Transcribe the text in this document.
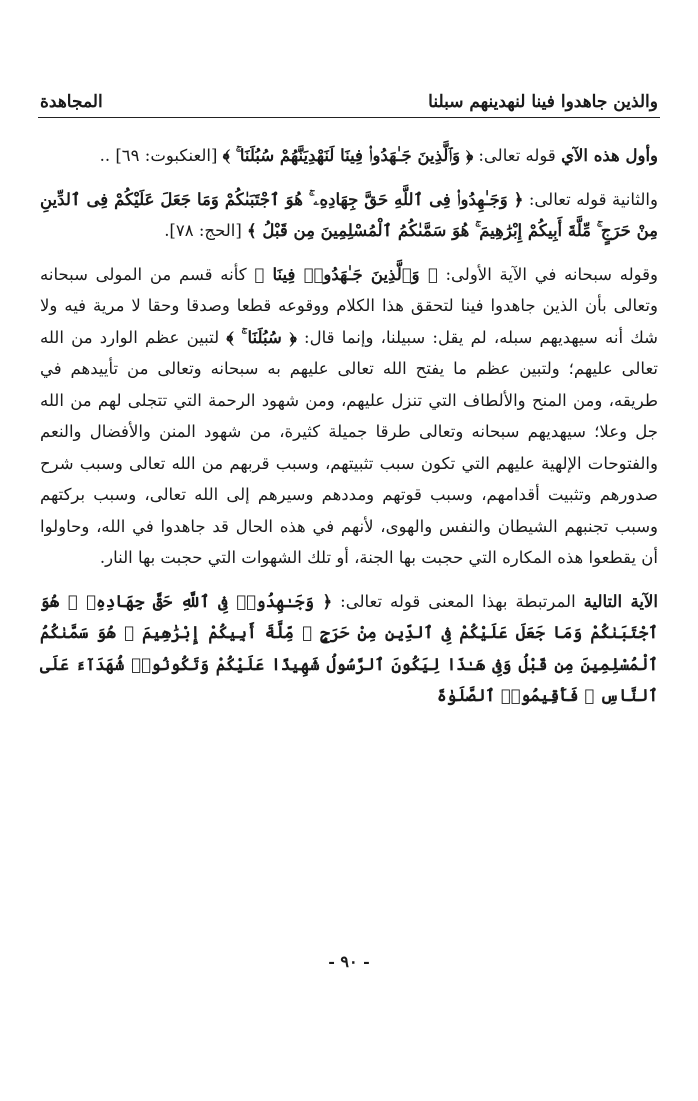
والذين جاهدوا فينا لنهدينهم سبلنا
المجاهدة

وأول هذه الآي قوله تعالى: ﴿ وَٱلَّذِينَ جَـٰهَدُوا۟ فِينَا لَنَهْدِيَنَّهُمْ سُبُلَنَا ۚ ﴾ [العنكبوت: ٦٩] ..

والثانية قوله تعالى: ﴿ وَجَـٰهِدُوا۟ فِى ٱللَّهِ حَقَّ جِهَادِهِۦ ۚ هُوَ ٱجْتَبَىٰكُمْ وَمَا جَعَلَ عَلَيْكُمْ فِى ٱلدِّينِ مِنْ حَرَجٍ ۚ مِّلَّةَ أَبِيكُمْ إِبْرَٰهِيمَ ۚ هُوَ سَمَّىٰكُمُ ٱلْمُسْلِمِينَ مِن قَبْلُ ﴾ [الحج: ٧٨].

وقوله سبحانه في الآية الأولى: ﴿ وَٱلَّذِينَ جَـٰهَدُوا۟ فِينَا ﴾ كأنه قسم من المولى سبحانه وتعالى بأن الذين جاهدوا فينا لتحقق هذا الكلام ووقوعه قطعا وصدقا وحقا لا مرية فيه ولا شك أنه سيهديهم سبله، لم يقل: سبيلنا، وإنما قال: ﴿ سُبُلَنَا ۚ ﴾ لتبين عظم الوارد من الله تعالى عليهم؛ ولتبين عظم ما يفتح الله تعالى عليهم به سبحانه وتعالى من تأييدهم في طريقه، ومن المنح والألطاف التي تنزل عليهم، ومن شهود الرحمة التي تتجلى لهم من الله جل وعلا؛ سيهديهم سبحانه وتعالى طرقا جميلة كثيرة، من شهود المنن والأفضال والنعم والفتوحات الإلهية عليهم التي تكون سبب تثبيتهم، وسبب قربهم من الله تعالى وسبب شرح صدورهم وتثبيت أقدامهم، وسبب قوتهم ومددهم وسيرهم إلى الله تعالى، وسبب بركتهم وسبب تجنبهم الشيطان والنفس والهوى، لأنهم في هذه الحال قد جاهدوا في الله، وحاولوا أن يقطعوا هذه المكاره التي حجبت بها الجنة، أو تلك الشهوات التي حجبت بها النار.

الآية التالية المرتبطة بهذا المعنى قوله تعالى: ﴿ وَجَـٰهِدُوا۟ فِى ٱللَّهِ حَقَّ جِهَادِهِۦ ۚ هُوَ ٱجْتَبَىٰكُمْ وَمَا جَعَلَ عَلَيْكُمْ فِى ٱلدِّينِ مِنْ حَرَجٍ ۚ مِّلَّةَ أَبِيكُمْ إِبْرَٰهِيمَ ۚ هُوَ سَمَّىٰكُمُ ٱلْمُسْلِمِينَ مِن قَبْلُ وَفِى هَـٰذَا لِيَكُونَ ٱلرَّسُولُ شَهِيدًا عَلَيْكُمْ وَتَكُونُوا۟ شُهَدَآءَ عَلَى ٱلنَّاسِ ۚ فَأَقِيمُوا۟ ٱلصَّلَوٰةَ

- ٩٠ -
